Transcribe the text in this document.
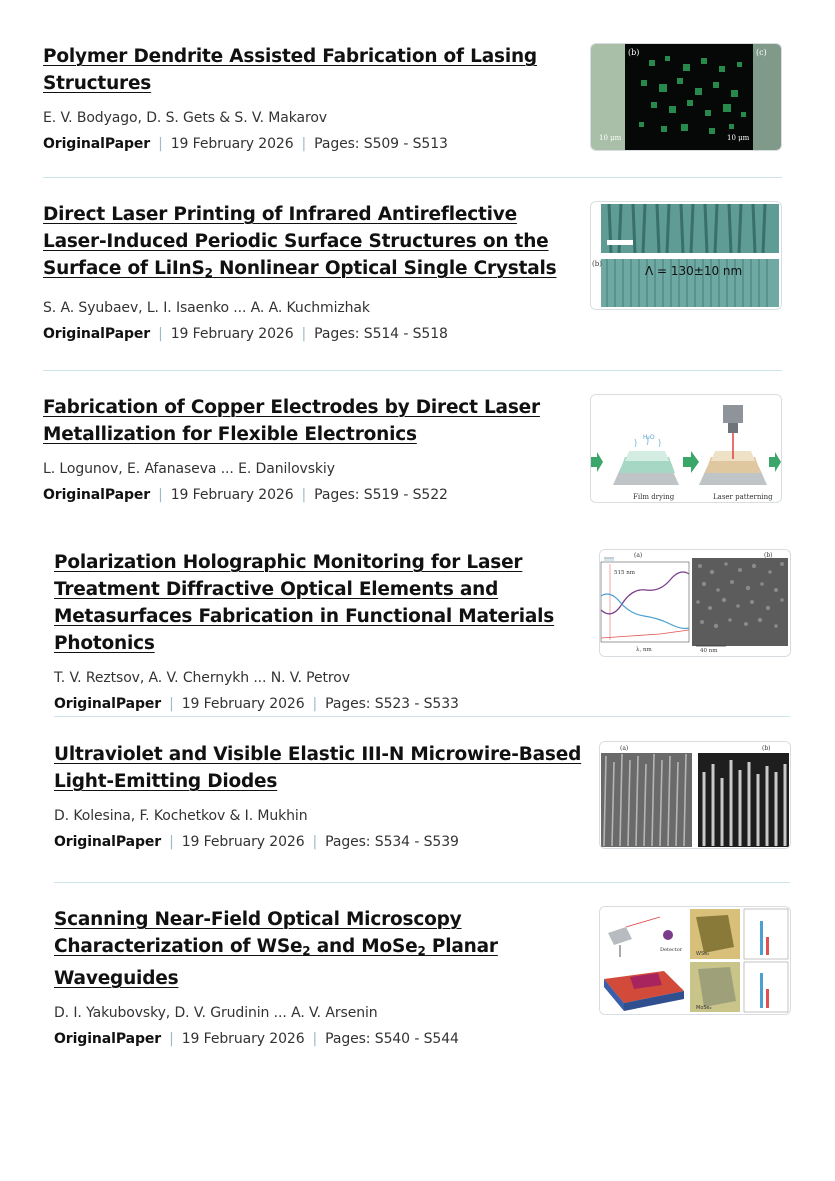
Polymer Dendrite Assisted Fabrication of Lasing Structures
E. V. Bodyago, D. S. Gets & S. V. Makarov
OriginalPaper | 19 February 2026 | Pages: S509 - S513
(b)	(c)
10 μm	10 μm
Direct Laser Printing of Infrared Antireflective Laser-Induced Periodic Surface Structures on the Surface of LiInS$_2$ Nonlinear Optical Single Crystals
S. A. Syubaev, L. I. Isaenko ... A. A. Kuchmizhak
OriginalPaper | 19 February 2026 | Pages: S514 - S518
(b)	Λ = 130±10 nm
Fabrication of Copper Electrodes by Direct Laser Metallization for Flexible Electronics
L. Logunov, E. Afanaseva ... E. Danilovskiy
OriginalPaper | 19 February 2026 | Pages: S519 - S522
H₂O
Film drying	Laser patterning
Polarization Holographic Monitoring for Laser Treatment Diffractive Optical Elements and Metasurfaces Fabrication in Functional Materials Photonics
T. V. Reztsov, A. V. Chernykh ... N. V. Petrov
OriginalPaper | 19 February 2026 | Pages: S523 - S533
515 nm
(a)
λ, nm
(b)
40 nm
Ultraviolet and Visible Elastic III-N Microwire-Based Light-Emitting Diodes
D. Kolesina, F. Kochetkov & I. Mukhin
OriginalPaper | 19 February 2026 | Pages: S534 - S539
(a)	(b)
Scanning Near-Field Optical Microscopy Characterization of WSe$_2$ and MoSe$_2$ Planar Waveguides
D. I. Yakubovsky, D. V. Grudinin ... A. V. Arsenin
OriginalPaper | 19 February 2026 | Pages: S540 - S544
Detector
WSe₂
MoSe₂
